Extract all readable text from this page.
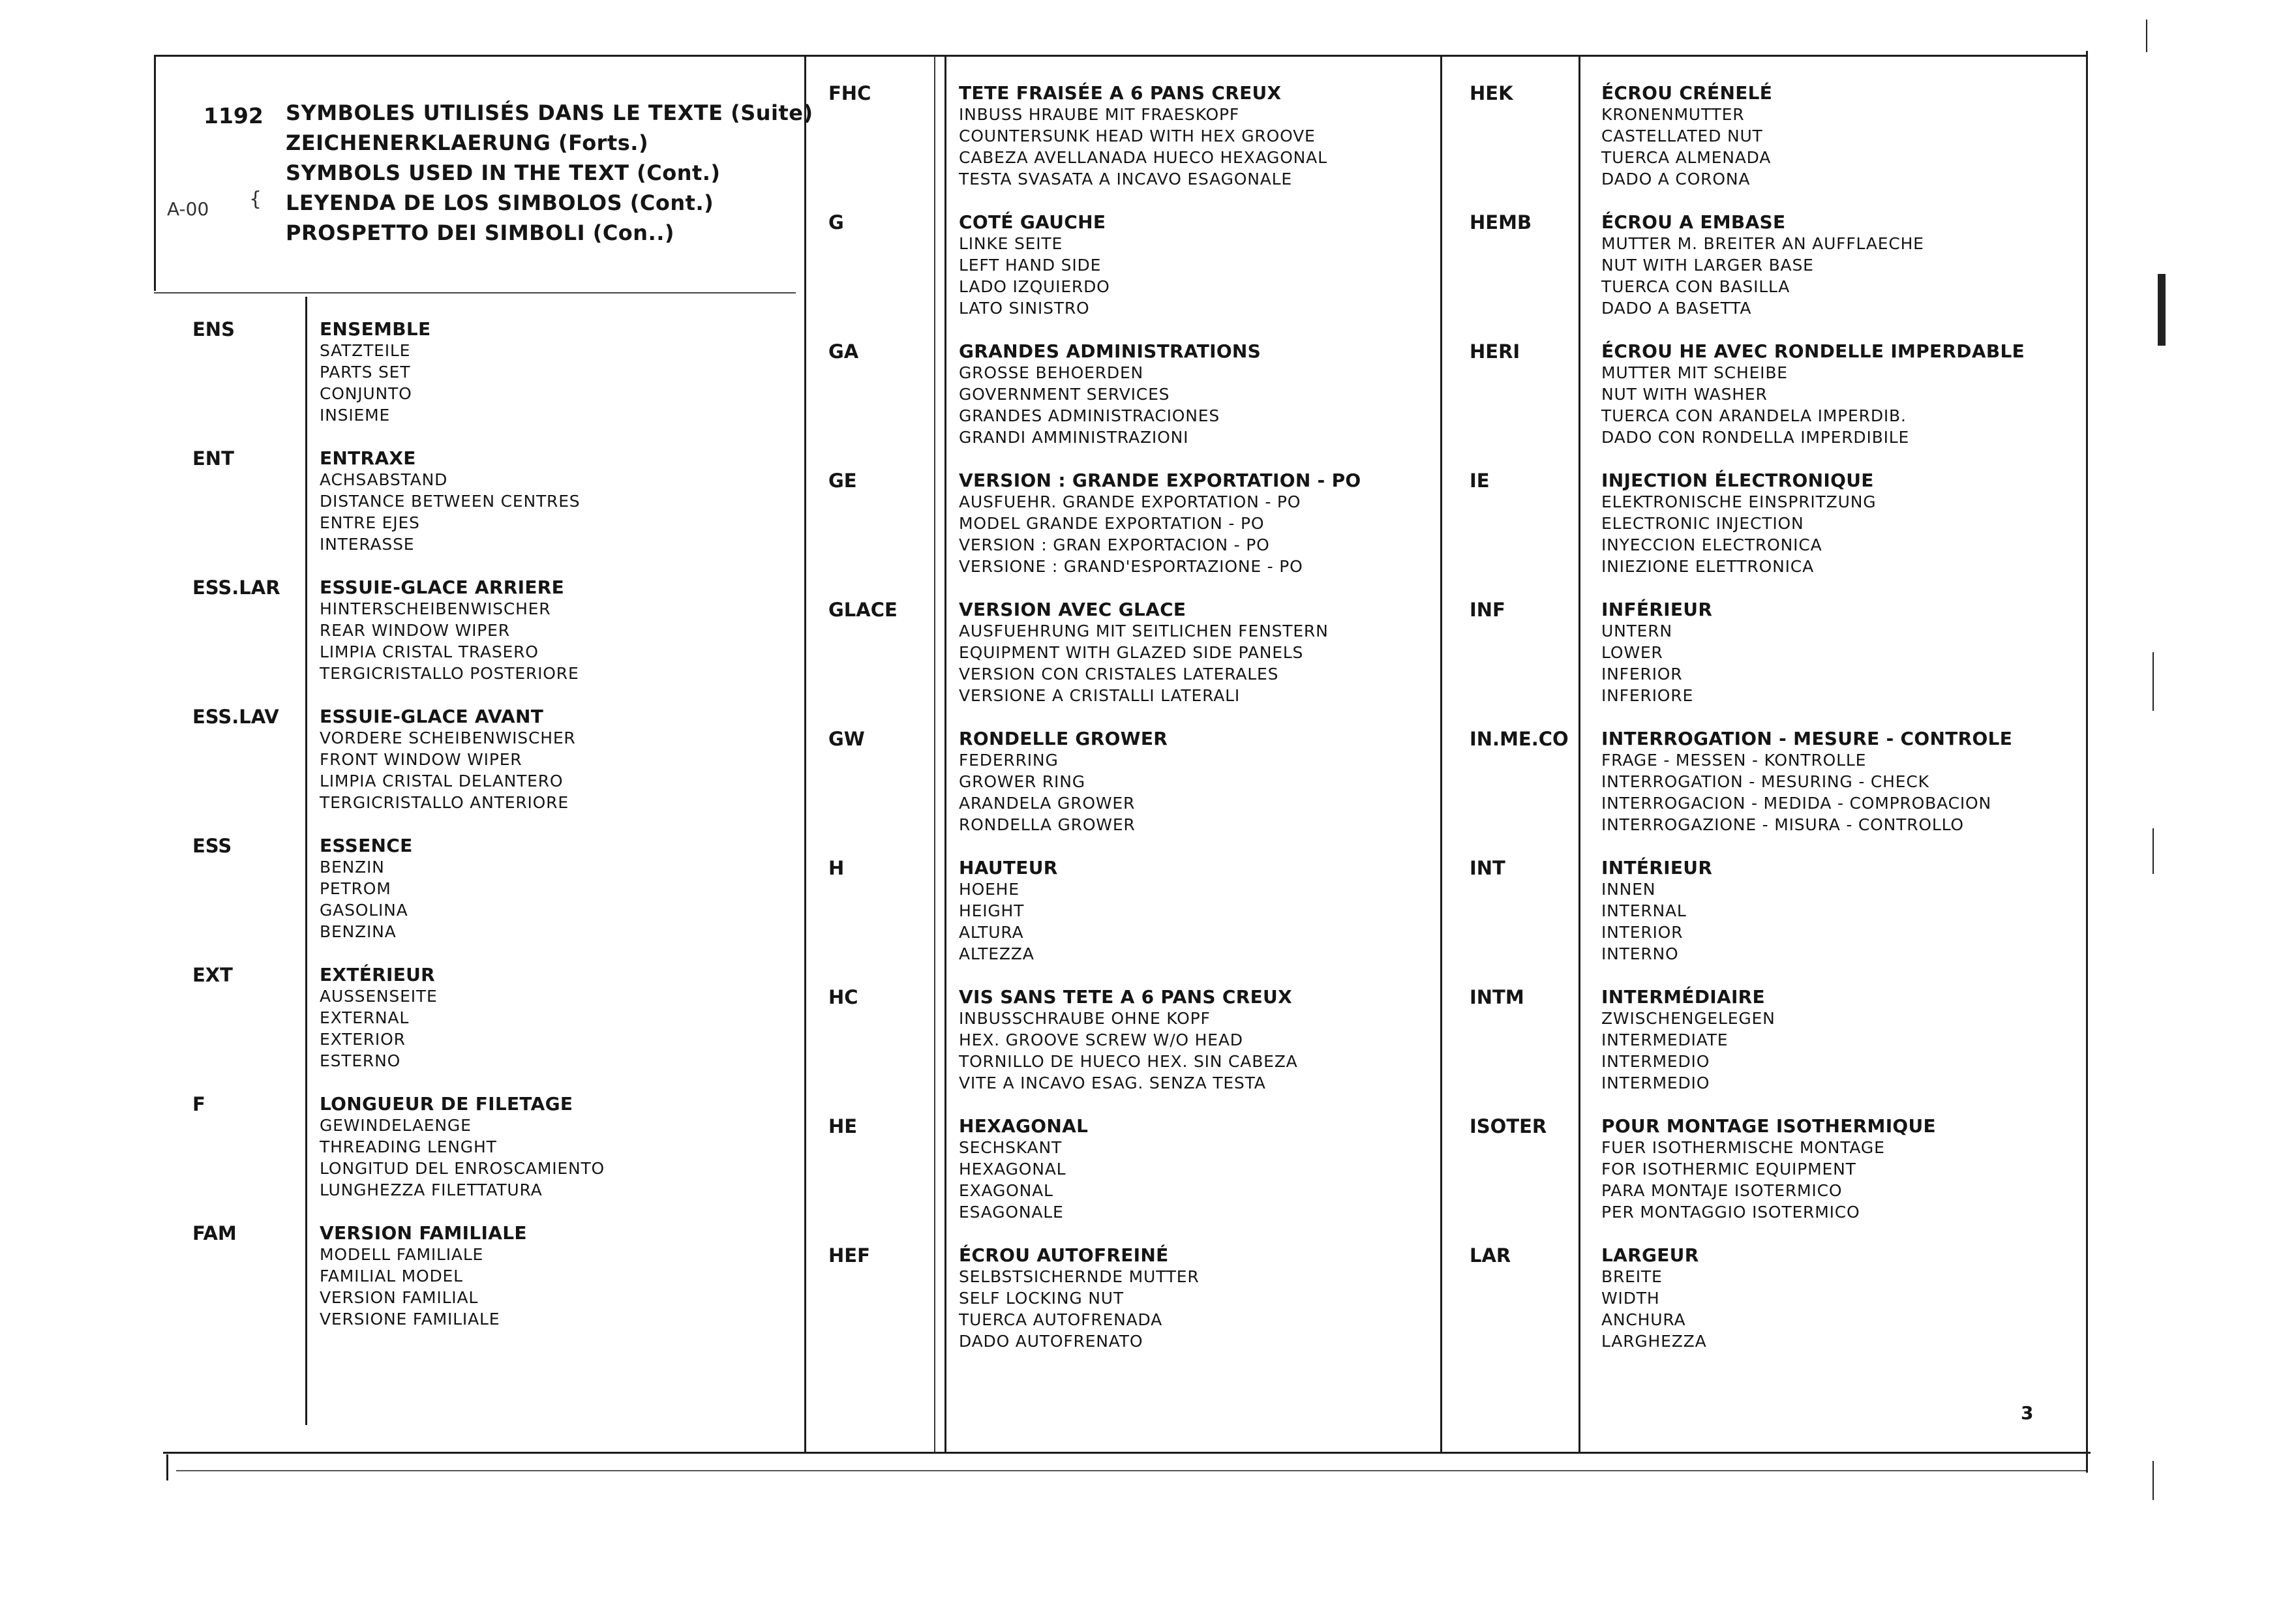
1192
A-00 {
SYMBOLES UTILISÉS DANS LE TEXTE (Suite)
ZEICHENERKLAERUNG (Forts.)
SYMBOLS USED IN THE TEXT (Cont.)
LEYENDA DE LOS SIMBOLOS (Cont.)
PROSPETTO DEI SIMBOLI (Con..)
ENS	ENSEMBLE
SATZTEILE
PARTS SET
CONJUNTO
INSIEME
ENT	ENTRAXE
ACHSABSTAND
DISTANCE BETWEEN CENTRES
ENTRE EJES
INTERASSE
ESS.LAR ESSUIE-GLACE ARRIERE
HINTERSCHEIBENWISCHER
REAR WINDOW WIPER
LIMPIA CRISTAL TRASERO
TERGICRISTALLO POSTERIORE
ESS.LAV ESSUIE-GLACE AVANT
VORDERE SCHEIBENWISCHER
FRONT WINDOW WIPER
LIMPIA CRISTAL DELANTERO
TERGICRISTALLO ANTERIORE
ESS	ESSENCE
BENZIN
PETROM
GASOLINA
BENZINA
EXT	EXTÉRIEUR
AUSSENSEITE
EXTERNAL
EXTERIOR
ESTERNO
F	LONGUEUR DE FILETAGE
GEWINDELAENGE
THREADING LENGHT
LONGITUD DEL ENROSCAMIENTO
LUNGHEZZA FILETTATURA
FAM	VERSION FAMILIALE
MODELL FAMILIALE
FAMILIAL MODEL
VERSION FAMILIAL
VERSIONE FAMILIALE
FHC	TETE FRAISÉE A 6 PANS CREUX
INBUSS HRAUBE MIT FRAESKOPF
COUNTERSUNK HEAD WITH HEX GROOVE
CABEZA AVELLANADA HUECO HEXAGONAL
TESTA SVASATA A INCAVO ESAGONALE
G	COTÉ GAUCHE
LINKE SEITE
LEFT HAND SIDE
LADO IZQUIERDO
LATO SINISTRO
GA	GRANDES ADMINISTRATIONS
GROSSE BEHOERDEN
GOVERNMENT SERVICES
GRANDES ADMINISTRACIONES
GRANDI AMMINISTRAZIONI
GE	VERSION : GRANDE EXPORTATION - PO
AUSFUEHR. GRANDE EXPORTATION - PO
MODEL GRANDE EXPORTATION - PO
VERSION : GRAN EXPORTACION - PO
VERSIONE : GRAND'ESPORTAZIONE - PO
GLACE	VERSION AVEC GLACE
AUSFUEHRUNG MIT SEITLICHEN FENSTERN
EQUIPMENT WITH GLAZED SIDE PANELS
VERSION CON CRISTALES LATERALES
VERSIONE A CRISTALLI LATERALI
GW	RONDELLE GROWER
FEDERRING
GROWER RING
ARANDELA GROWER
RONDELLA GROWER
H	HAUTEUR
HOEHE
HEIGHT
ALTURA
ALTEZZA
HC	VIS SANS TETE A 6 PANS CREUX
INBUSSCHRAUBE OHNE KOPF
HEX. GROOVE SCREW W/O HEAD
TORNILLO DE HUECO HEX. SIN CABEZA
VITE A INCAVO ESAG. SENZA TESTA
HE	HEXAGONAL
SECHSKANT
HEXAGONAL
EXAGONAL
ESAGONALE
HEF	ÉCROU AUTOFREINÉ
SELBSTSICHERNDE MUTTER
SELF LOCKING NUT
TUERCA AUTOFRENADA
DADO AUTOFRENATO
HEK	ÉCROU CRÉNELÉ
KRONENMUTTER
CASTELLATED NUT
TUERCA ALMENADA
DADO A CORONA
HEMB	ÉCROU A EMBASE
MUTTER M. BREITER AN AUFFLAECHE
NUT WITH LARGER BASE
TUERCA CON BASILLA
DADO A BASETTA
HERI	ÉCROU HE AVEC RONDELLE IMPERDABLE
MUTTER MIT SCHEIBE
NUT WITH WASHER
TUERCA CON ARANDELA IMPERDIB.
DADO CON RONDELLA IMPERDIBILE
IE	INJECTION ÉLECTRONIQUE
ELEKTRONISCHE EINSPRITZUNG
ELECTRONIC INJECTION
INYECCION ELECTRONICA
INIEZIONE ELETTRONICA
INF	INFÉRIEUR
UNTERN
LOWER
INFERIOR
INFERIORE
IN.ME.CO INTERROGATION - MESURE - CONTROLE
FRAGE - MESSEN - KONTROLLE
INTERROGATION - MESURING - CHECK
INTERROGACION - MEDIDA - COMPROBACION
INTERROGAZIONE - MISURA - CONTROLLO
INT	INTÉRIEUR
INNEN
INTERNAL
INTERIOR
INTERNO
INTM	INTERMÉDIAIRE
ZWISCHENGELEGEN
INTERMEDIATE
INTERMEDIO
INTERMEDIO
ISOTER	POUR MONTAGE ISOTHERMIQUE
FUER ISOTHERMISCHE MONTAGE
FOR ISOTHERMIC EQUIPMENT
PARA MONTAJE ISOTERMICO
PER MONTAGGIO ISOTERMICO
LAR	LARGEUR
BREITE
WIDTH
ANCHURA
LARGHEZZA
3
